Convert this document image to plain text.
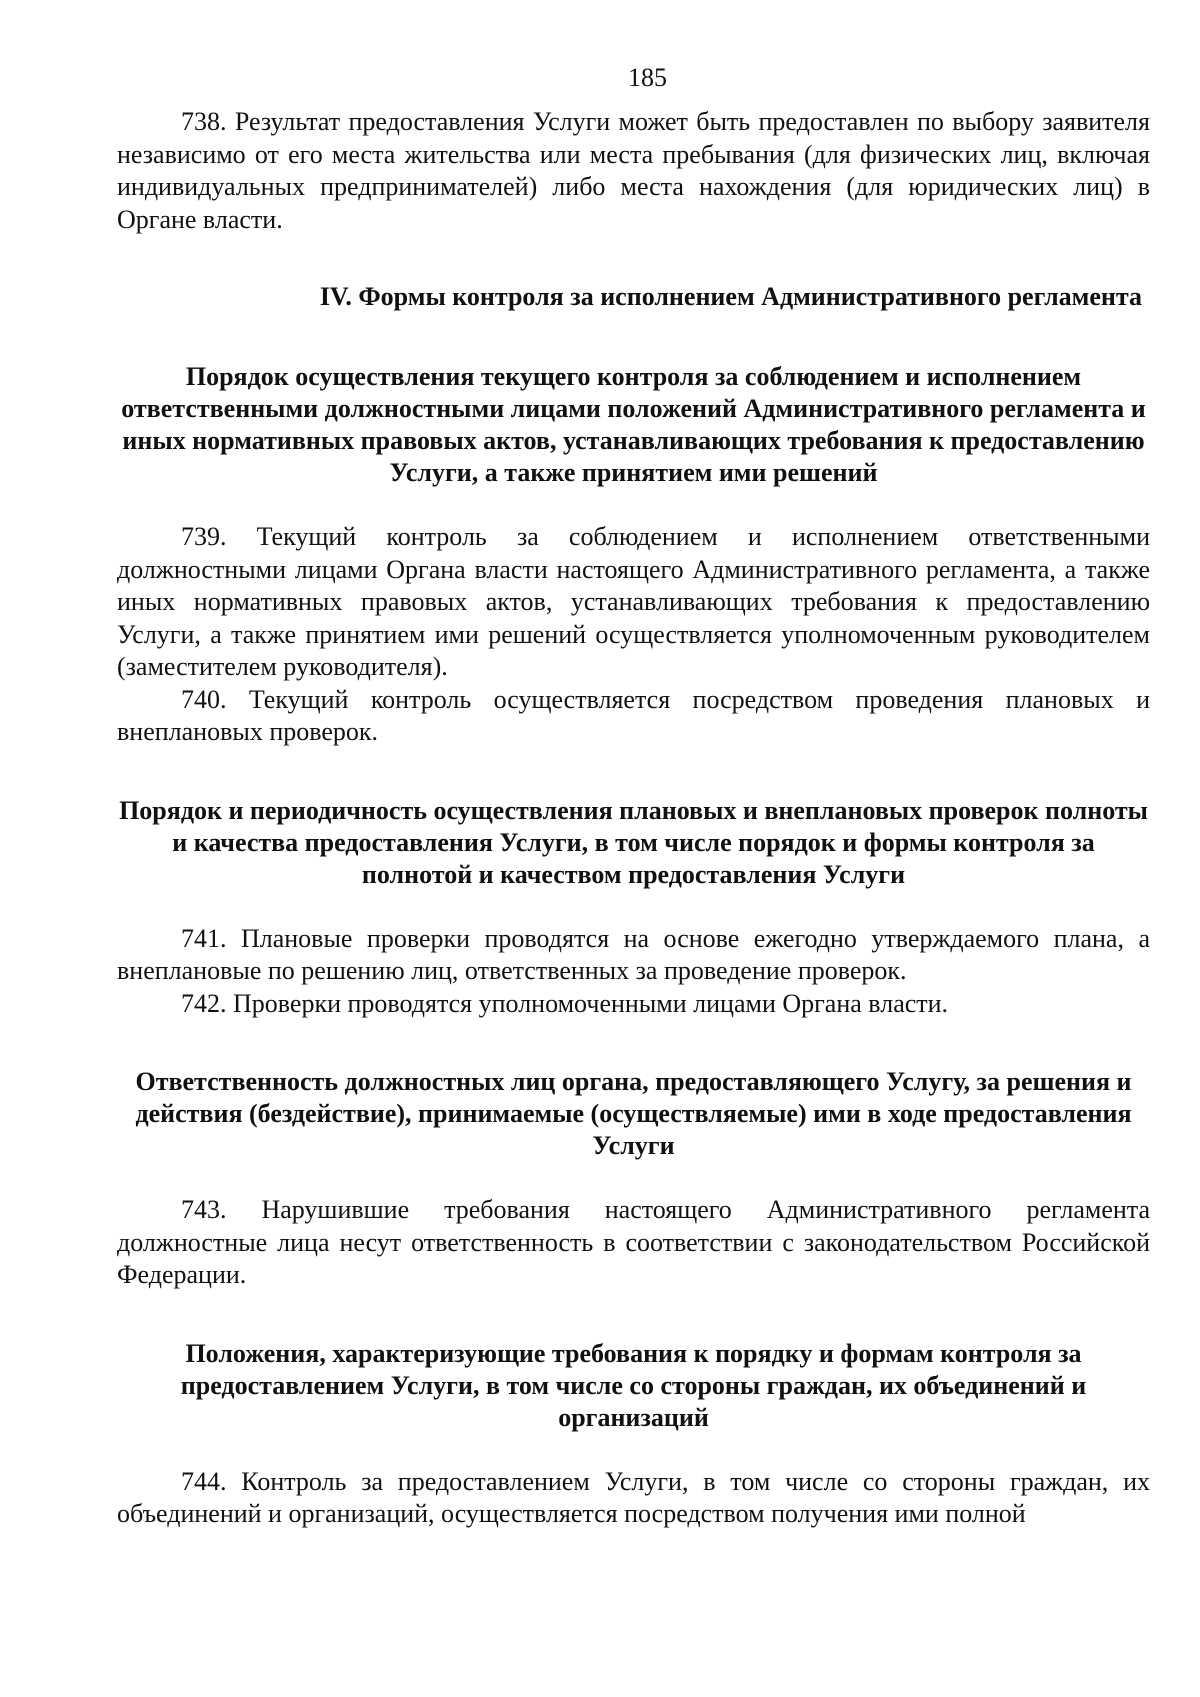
185

738. Результат предоставления Услуги может быть предоставлен по выбору заявителя независимо от его места жительства или места пребывания (для физических лиц, включая индивидуальных предпринимателей) либо места нахождения (для юридических лиц) в Органе власти.

IV. Формы контроля за исполнением Административного регламента
Порядок осуществления текущего контроля за соблюдением и исполнением ответственными должностными лицами положений Административного регламента и иных нормативных правовых актов, устанавливающих требования к предоставлению Услуги, а также принятием ими решений

739. Текущий контроль за соблюдением и исполнением ответственными должностными лицами Органа власти настоящего Административного регламента, а также иных нормативных правовых актов, устанавливающих требования к предоставлению Услуги, а также принятием ими решений осуществляется уполномоченным руководителем (заместителем руководителя).

740. Текущий контроль осуществляется посредством проведения плановых и внеплановых проверок.

Порядок и периодичность осуществления плановых и внеплановых проверок полноты и качества предоставления Услуги, в том числе порядок и формы контроля за полнотой и качеством предоставления Услуги

741. Плановые проверки проводятся на основе ежегодно утверждаемого плана, а внеплановые по решению лиц, ответственных за проведение проверок.

742. Проверки проводятся уполномоченными лицами Органа власти.

Ответственность должностных лиц органа, предоставляющего Услугу, за решения и действия (бездействие), принимаемые (осуществляемые) ими в ходе предоставления Услуги

743. Нарушившие требования настоящего Административного регламента должностные лица несут ответственность в соответствии с законодательством Российской Федерации.

Положения, характеризующие требования к порядку и формам контроля за предоставлением Услуги, в том числе со стороны граждан, их объединений и организаций

744. Контроль за предоставлением Услуги, в том числе со стороны граждан, их объединений и организаций, осуществляется посредством получения ими полной
